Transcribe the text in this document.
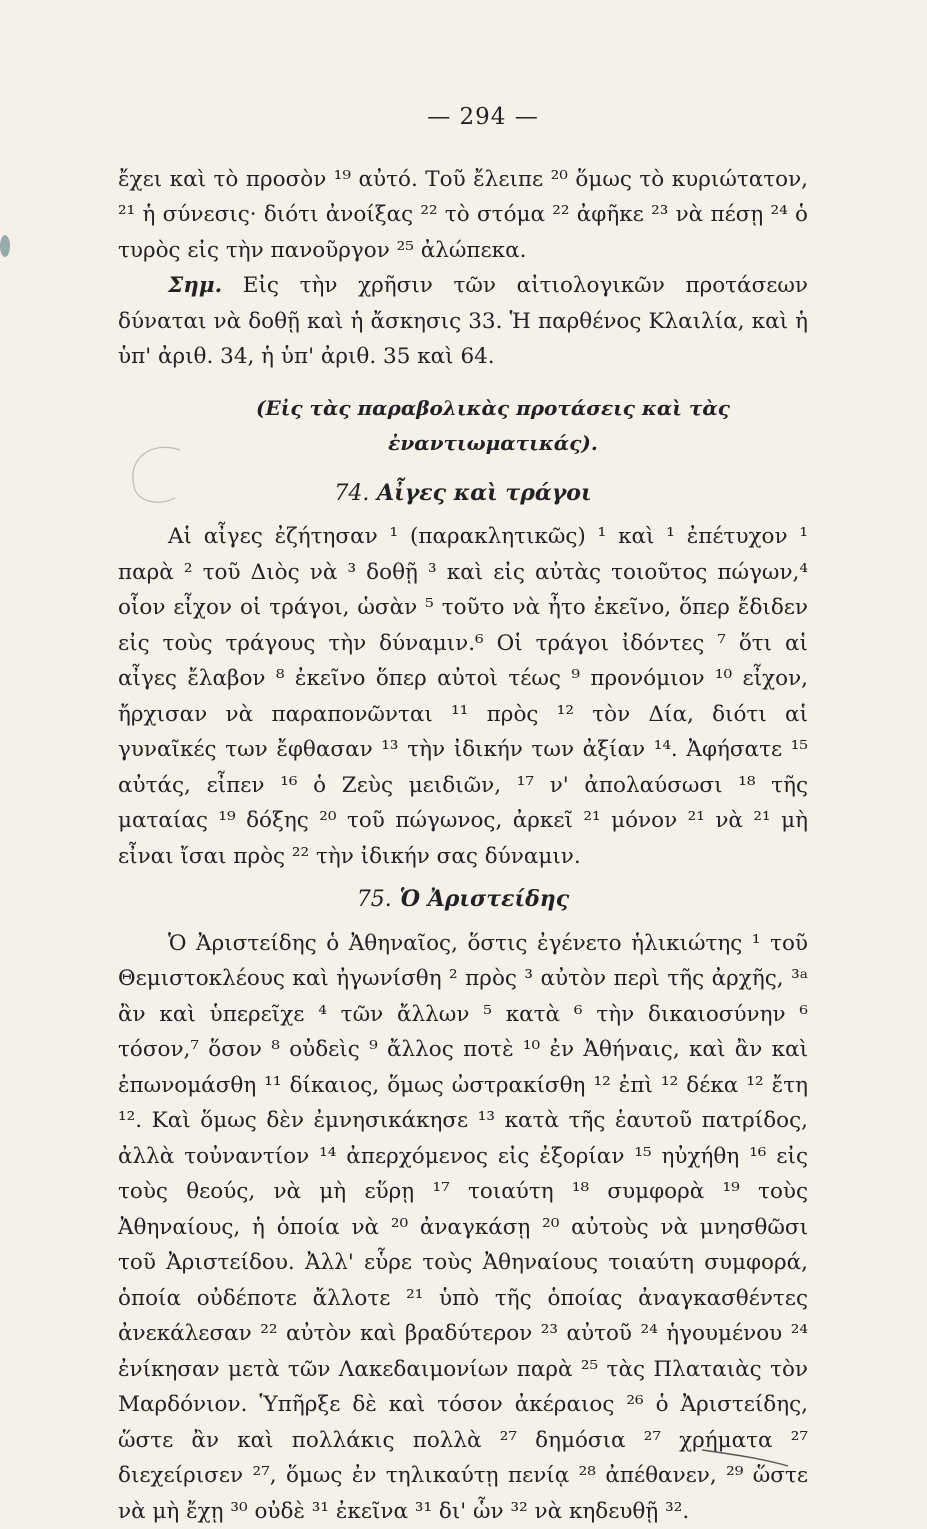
— 294 —

ἔχει καὶ τὸ προσὸν ¹⁹ αὐτό. Τοῦ ἔλειπε ²⁰ ὅμως τὸ κυριώτατον, ²¹ ἡ σύνεσις· διότι ἀνοίξας ²² τὸ στόμα ²² ἀφῆκε ²³ νὰ πέσῃ ²⁴ ὁ τυρὸς εἰς τὴν πανοῦργον ²⁵ ἀλώπεκα.

Σημ. Εἰς τὴν χρῆσιν τῶν αἰτιολογικῶν προτάσεων δύναται νὰ δοθῇ καὶ ἡ ἄσκησις 33. Ἡ παρθένος Κλαιλία, καὶ ἡ ὑπ' ἀριθ. 34, ἡ ὑπ' ἀριθ. 35 καὶ 64.

(Εἰς τὰς παραβολικὰς προτάσεις καὶ τὰς ἐναντιωματικάς).
74. Αἶγες καὶ τράγοι

Αἱ αἶγες ἐζήτησαν ¹ (παρακλητικῶς) ¹ καὶ ¹ ἐπέτυχον ¹ παρὰ ² τοῦ Διὸς νὰ ³ δοθῇ ³ καὶ εἰς αὐτὰς τοιοῦτος πώγων,⁴ οἷον εἶχον οἱ τράγοι, ὡσὰν ⁵ τοῦτο νὰ ἦτο ἐκεῖνο, ὅπερ ἔδιδεν εἰς τοὺς τράγους τὴν δύναμιν.⁶ Οἱ τράγοι ἰδόντες ⁷ ὅτι αἱ αἶγες ἔλαβον ⁸ ἐκεῖνο ὅπερ αὐτοὶ τέως ⁹ προνόμιον ¹⁰ εἶχον, ἤρχισαν νὰ παραπονῶνται ¹¹ πρὸς ¹² τὸν Δία, διότι αἱ γυναῖκές των ἔφθασαν ¹³ τὴν ἰδικήν των ἀξίαν ¹⁴. Ἀφήσατε ¹⁵ αὐτάς, εἶπεν ¹⁶ ὁ Ζεὺς μειδιῶν, ¹⁷ ν' ἀπολαύσωσι ¹⁸ τῆς ματαίας ¹⁹ δόξης ²⁰ τοῦ πώγωνος, ἀρκεῖ ²¹ μόνον ²¹ νὰ ²¹ μὴ εἶναι ἴσαι πρὸς ²² τὴν ἰδικήν σας δύναμιν.

75. Ὁ Ἀριστείδης

Ὁ Ἀριστείδης ὁ Ἀθηναῖος, ὅστις ἐγένετο ἡλικιώτης ¹ τοῦ Θεμιστοκλέους καὶ ἠγωνίσθη ² πρὸς ³ αὐτὸν περὶ τῆς ἀρχῆς, ³ᵃ ἂν καὶ ὑπερεῖχε ⁴ τῶν ἄλλων ⁵ κατὰ ⁶ τὴν δικαιοσύνην ⁶ τόσον,⁷ ὅσον ⁸ οὐδεὶς ⁹ ἄλλος ποτὲ ¹⁰ ἐν Ἀθήναις, καὶ ἂν καὶ ἐπωνομάσθη ¹¹ δίκαιος, ὅμως ὠστρακίσθη ¹² ἐπὶ ¹² δέκα ¹² ἔτη ¹². Καὶ ὅμως δὲν ἐμνησικάκησε ¹³ κατὰ τῆς ἑαυτοῦ πατρίδος, ἀλλὰ τοὐναντίον ¹⁴ ἀπερχόμενος εἰς ἐξορίαν ¹⁵ ηὐχήθη ¹⁶ εἰς τοὺς θεούς, νὰ μὴ εὕρῃ ¹⁷ τοιαύτη ¹⁸ συμφορὰ ¹⁹ τοὺς Ἀθηναίους, ἡ ὁποία νὰ ²⁰ ἀναγκάσῃ ²⁰ αὐτοὺς νὰ μνησθῶσι τοῦ Ἀριστείδου. Ἀλλ' εὗρε τοὺς Ἀθηναίους τοιαύτη συμφορά, ὁποία οὐδέποτε ἄλλοτε ²¹ ὑπὸ τῆς ὁποίας ἀναγκασθέντες ἀνεκάλεσαν ²² αὐτὸν καὶ βραδύτερον ²³ αὐτοῦ ²⁴ ἡγουμένου ²⁴ ἐνίκησαν μετὰ τῶν Λακεδαιμονίων παρὰ ²⁵ τὰς Πλαταιὰς τὸν Μαρδόνιον. Ὑπῆρξε δὲ καὶ τόσον ἀκέραιος ²⁶ ὁ Ἀριστείδης, ὥστε ἂν καὶ πολλάκις πολλὰ ²⁷ δημόσια ²⁷ χρήματα ²⁷ διεχείρισεν ²⁷, ὅμως ἐν τηλικαύτῃ πενίᾳ ²⁸ ἀπέθανεν, ²⁹ ὥστε νὰ μὴ ἔχῃ ³⁰ οὐδὲ ³¹ ἐκεῖνα ³¹ δι' ὧν ³² νὰ κηδευθῇ ³².
